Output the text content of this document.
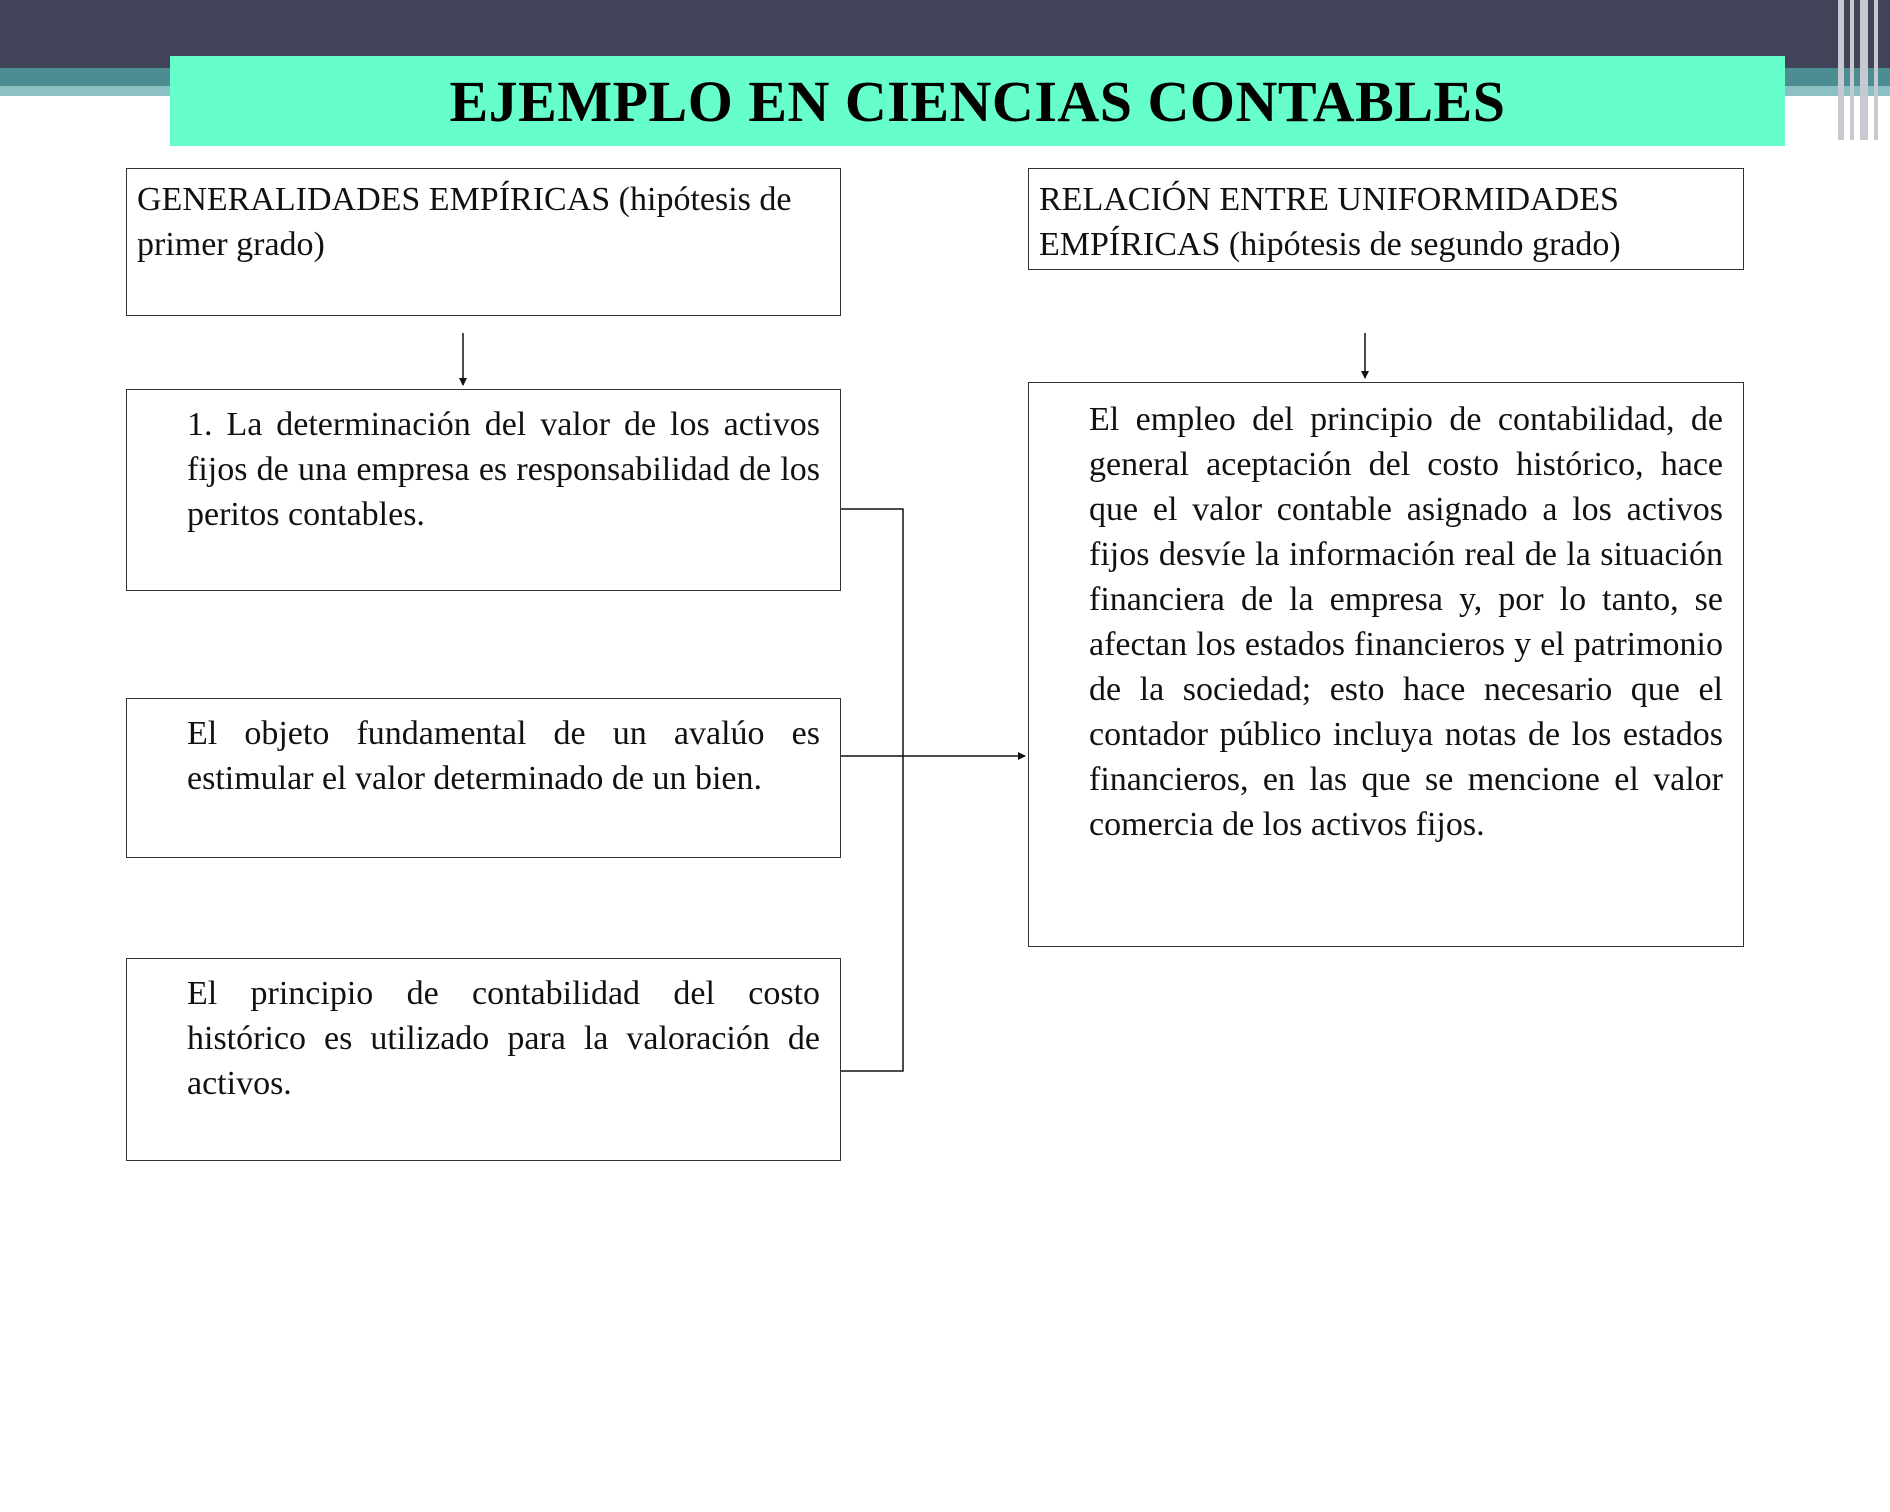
EJEMPLO EN CIENCIAS CONTABLES
GENERALIDADES EMPÍRICAS (hipótesis de primer grado)
RELACIÓN ENTRE UNIFORMIDADES EMPÍRICAS (hipótesis de segundo grado)
1. La determinación del valor de los activos fijos de una empresa es responsabilidad de los peritos contables.
El objeto fundamental de un avalúo es estimular el valor determinado de un bien.
El principio de contabilidad del costo histórico es utilizado para la valoración de activos.
El empleo del principio de contabilidad, de general aceptación del costo histórico, hace que el valor contable asignado a los activos fijos desvíe la información real de la situación financiera de la empresa y, por lo tanto, se afectan los estados financieros y el patrimonio de la sociedad; esto hace necesario que el contador público incluya notas de los estados financieros, en las que se mencione el valor comercia de los activos fijos.
